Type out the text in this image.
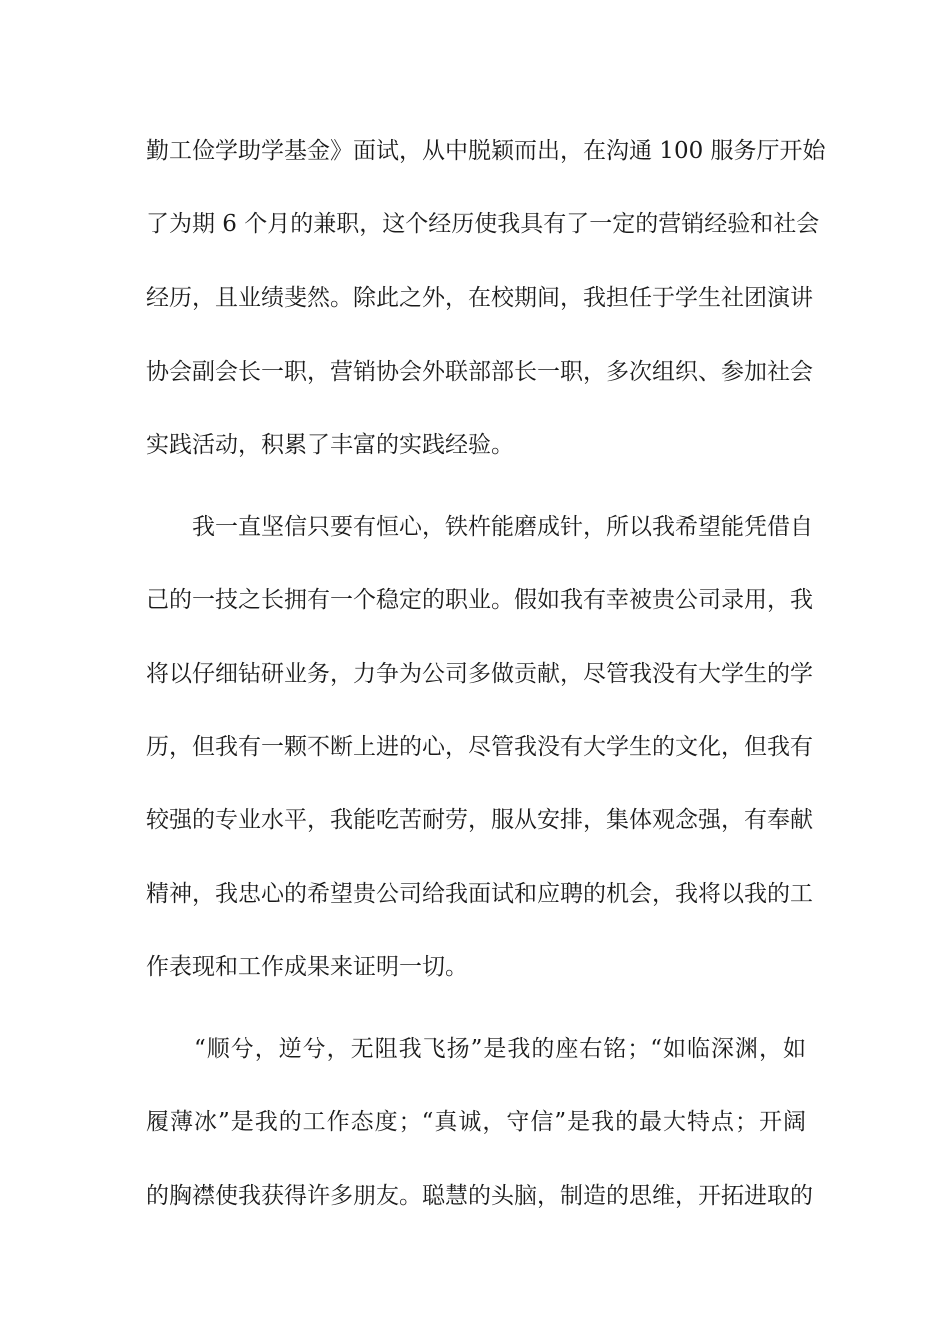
勤工俭学助学基金》面试，从中脱颖而出，在沟通 100 服务厅开始
了为期 6 个月的兼职，这个经历使我具有了一定的营销经验和社会
经历，且业绩斐然。除此之外，在校期间，我担任于学生社团演讲
协会副会长一职，营销协会外联部部长一职，多次组织、参加社会
实践活动，积累了丰富的实践经验。
　　我一直坚信只要有恒心，铁杵能磨成针，所以我希望能凭借自
己的一技之长拥有一个稳定的职业。假如我有幸被贵公司录用，我
将以仔细钻研业务，力争为公司多做贡献，尽管我没有大学生的学
历，但我有一颗不断上进的心，尽管我没有大学生的文化，但我有
较强的专业水平，我能吃苦耐劳，服从安排，集体观念强，有奉献
精神，我忠心的希望贵公司给我面试和应聘的机会，我将以我的工
作表现和工作成果来证明一切。
　　“顺兮，逆兮，无阻我飞扬”是我的座右铭；“如临深渊，如
履薄冰”是我的工作态度；“真诚，守信”是我的最大特点；开阔
的胸襟使我获得许多朋友。聪慧的头脑，制造的思维，开拓进取的
